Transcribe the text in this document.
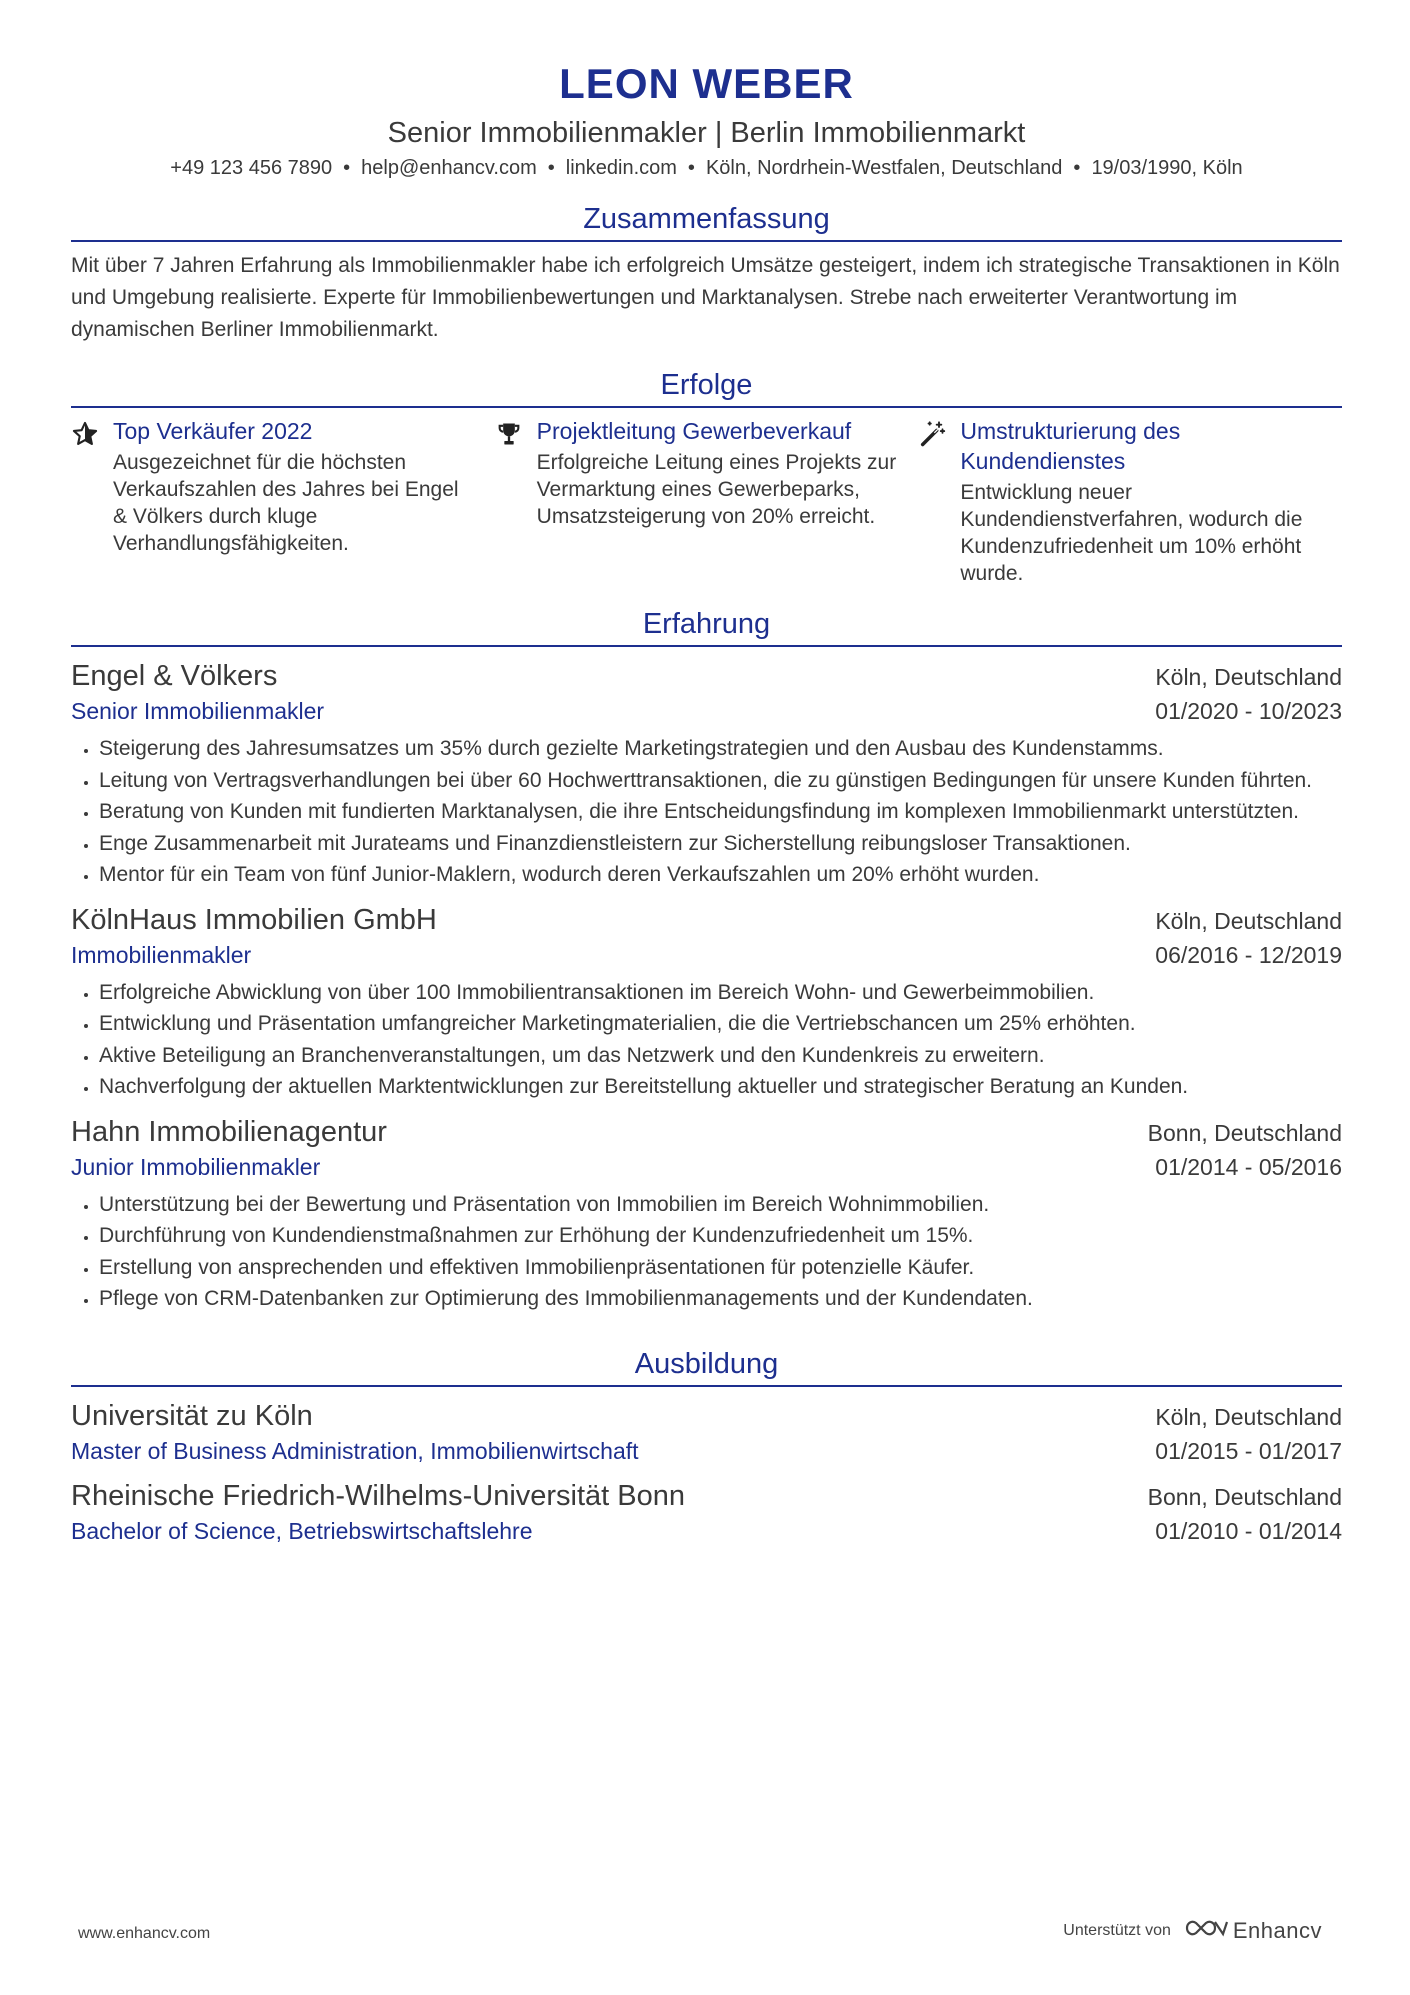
LEON WEBER
Senior Immobilienmakler | Berlin Immobilienmarkt
+49 123 456 7890 • help@enhancv.com • linkedin.com • Köln, Nordrhein-Westfalen, Deutschland • 19/03/1990, Köln
Zusammenfassung
Mit über 7 Jahren Erfahrung als Immobilienmakler habe ich erfolgreich Umsätze gesteigert, indem ich strategische Transaktionen in Köln und Umgebung realisierte. Experte für Immobilienbewertungen und Marktanalysen. Strebe nach erweiterter Verantwortung im dynamischen Berliner Immobilienmarkt.
Erfolge
Top Verkäufer 2022
Ausgezeichnet für die höchsten Verkaufszahlen des Jahres bei Engel & Völkers durch kluge Verhandlungsfähigkeiten.
Projektleitung Gewerbeverkauf
Erfolgreiche Leitung eines Projekts zur Vermarktung eines Gewerbeparks, Umsatzsteigerung von 20% erreicht.
Umstrukturierung des Kundendienstes
Entwicklung neuer Kundendienstverfahren, wodurch die Kundenzufriedenheit um 10% erhöht wurde.
Erfahrung
Engel & Völkers	Köln, Deutschland
Senior Immobilienmakler	01/2020 - 10/2023
• Steigerung des Jahresumsatzes um 35% durch gezielte Marketingstrategien und den Ausbau des Kundenstamms.
• Leitung von Vertragsverhandlungen bei über 60 Hochwerttransaktionen, die zu günstigen Bedingungen für unsere Kunden führten.
• Beratung von Kunden mit fundierten Marktanalysen, die ihre Entscheidungsfindung im komplexen Immobilienmarkt unterstützten.
• Enge Zusammenarbeit mit Jurateams und Finanzdienstleistern zur Sicherstellung reibungsloser Transaktionen.
• Mentor für ein Team von fünf Junior-Maklern, wodurch deren Verkaufszahlen um 20% erhöht wurden.
KölnHaus Immobilien GmbH	Köln, Deutschland
Immobilienmakler	06/2016 - 12/2019
• Erfolgreiche Abwicklung von über 100 Immobilientransaktionen im Bereich Wohn- und Gewerbeimmobilien.
• Entwicklung und Präsentation umfangreicher Marketingmaterialien, die die Vertriebschancen um 25% erhöhten.
• Aktive Beteiligung an Branchenveranstaltungen, um das Netzwerk und den Kundenkreis zu erweitern.
• Nachverfolgung der aktuellen Marktentwicklungen zur Bereitstellung aktueller und strategischer Beratung an Kunden.
Hahn Immobilienagentur	Bonn, Deutschland
Junior Immobilienmakler	01/2014 - 05/2016
• Unterstützung bei der Bewertung und Präsentation von Immobilien im Bereich Wohnimmobilien.
• Durchführung von Kundendienstmaßnahmen zur Erhöhung der Kundenzufriedenheit um 15%.
• Erstellung von ansprechenden und effektiven Immobilienpräsentationen für potenzielle Käufer.
• Pflege von CRM-Datenbanken zur Optimierung des Immobilienmanagements und der Kundendaten.
Ausbildung
Universität zu Köln	Köln, Deutschland
Master of Business Administration, Immobilienwirtschaft	01/2015 - 01/2017
Rheinische Friedrich-Wilhelms-Universität Bonn	Bonn, Deutschland
Bachelor of Science, Betriebswirtschaftslehre	01/2010 - 01/2014
www.enhancv.com	Unterstützt von	Enhancv
